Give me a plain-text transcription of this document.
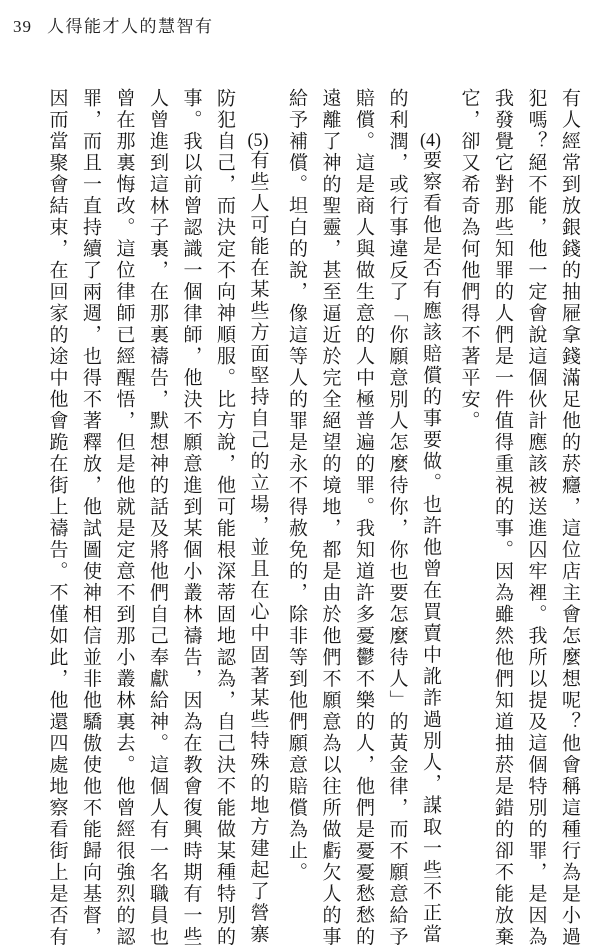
39 人得能才人的慧智有

有人經常到放銀錢的抽屜拿錢滿足他的菸癮，這位店主會怎麼想呢？他會稱這種行為是小過犯嗎？絕不能，他一定會說這個伙計應該被送進囚牢裡。我所以提及這個特別的罪，是因為我發覺它對那些知罪的人們是一件值得重視的事。因為雖然他們知道抽菸是錯的卻不能放棄它，卻又希奇為何他們得不著平安。

(4)要察看他是否有應該賠償的事要做。也許他曾在買賣中訛詐過別人，謀取一些不正當的利潤，或行事違反了「你願意別人怎麼待你，你也要怎麼待人」的黃金律，而不願意給予賠償。這是商人與做生意的人中極普遍的罪。我知道許多憂鬱不樂的人，他們是憂憂愁愁的遠離了神的聖靈，甚至逼近於完全絕望的境地，都是由於他們不願意為以往所做虧欠人的事給予補償。坦白的說，像這等人的罪是永不得赦免的，除非等到他們願意賠償為止。

(5)有些人可能在某些方面堅持自己的立場，並且在心中固著某些特殊的地方建起了營寨防犯自己，而決定不向神順服。比方說，他可能根深蒂固地認為，自己決不能做某種特別的事。我以前曾認識一個律師，他決不願意進到某個小叢林禱告，因為在教會復興時期有一些人曾進到這林子裏，在那裏禱告，默想神的話及將他們自己奉獻給神。這個人有一名職員也曾在那裏悔改。這位律師已經醒悟，但是他就是定意不到那小叢林裏去。他曾經很強烈的認罪，而且一直持續了兩週，也得不著釋放，他試圖使神相信並非他驕傲使他不能歸向基督，因而當聚會結束，在回家的途中他會跪在街上禱告。不僅如此，他還四處地察看街上是否有
